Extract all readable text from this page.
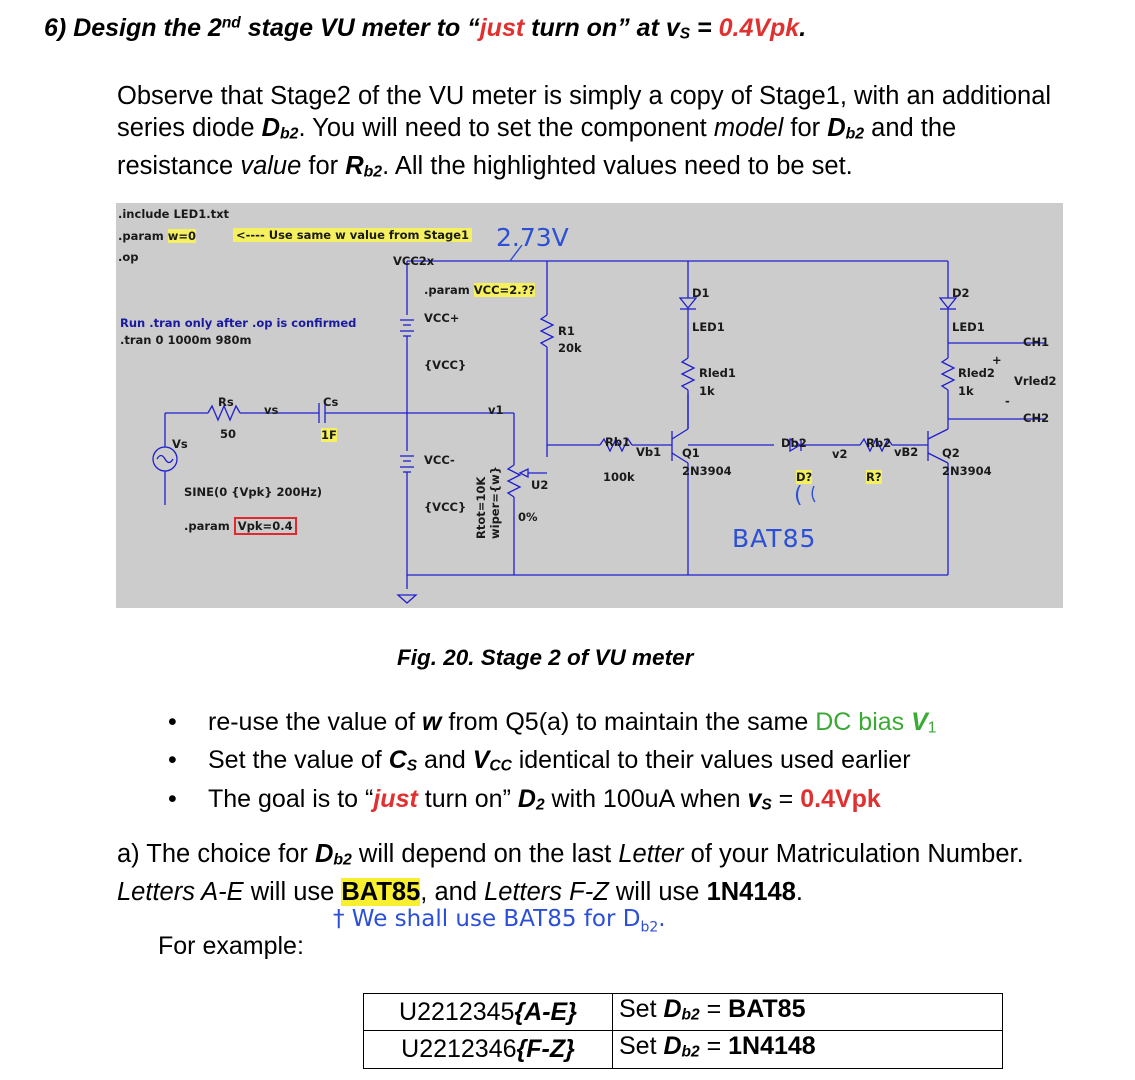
6) Design the 2nd stage VU meter to “just turn on” at $v_S = 0.4Vpk$.
Observe that Stage2 of the VU meter is simply a copy of Stage1, with an additional series diode $D_{b2}$. You will need to set the component model for $D_{b2}$ and the resistance value for $R_{b2}$. All the highlighted values need to be set.
.include LED1.txt
.param w=0	<---- Use same w value from Stage1
.op	VCC2x
.param VCC=2.??
Run .tran only after .op is confirmed
.tran 0 1000m 980m
VCC+
{VCC}
VCC-
{VCC}
R1
20k
D1
LED1
Rled1
1k
D2
LED1
Rled2
1k
CH1
CH2
Vrled2
+
-
Rs
50
vs
Vs
Cs
1F
v1
Rb1
100k
Vb1 Q1
2N3904
Db2
D?
v2
Rb2
R?
vB2 Q2
2N3904
SINE(0 {Vpk} 200Hz)
.param Vpk=0.4
U2
Rtot=10K wiper={w} 0%
2.73V
(
BAT85
Fig. 20. Stage 2 of VU meter
• re-use the value of w from Q5(a) to maintain the same DC bias $V_1$
• Set the value of $C_S$ and $V_{CC}$ identical to their values used earlier
• The goal is to “just turn on” $D_2$ with 100uA when $v_S = 0.4Vpk$
a) The choice for $D_{b2}$ will depend on the last Letter of your Matriculation Number. Letters A-E will use BAT85, and Letters F-Z will use 1N4148.
† We shall use BAT85 for $D_{b2}$.
For example:
U2212345{A-E}	Set $D_{b2} = BAT85$
U2212346{F-Z}	Set $D_{b2} = 1N4148$
